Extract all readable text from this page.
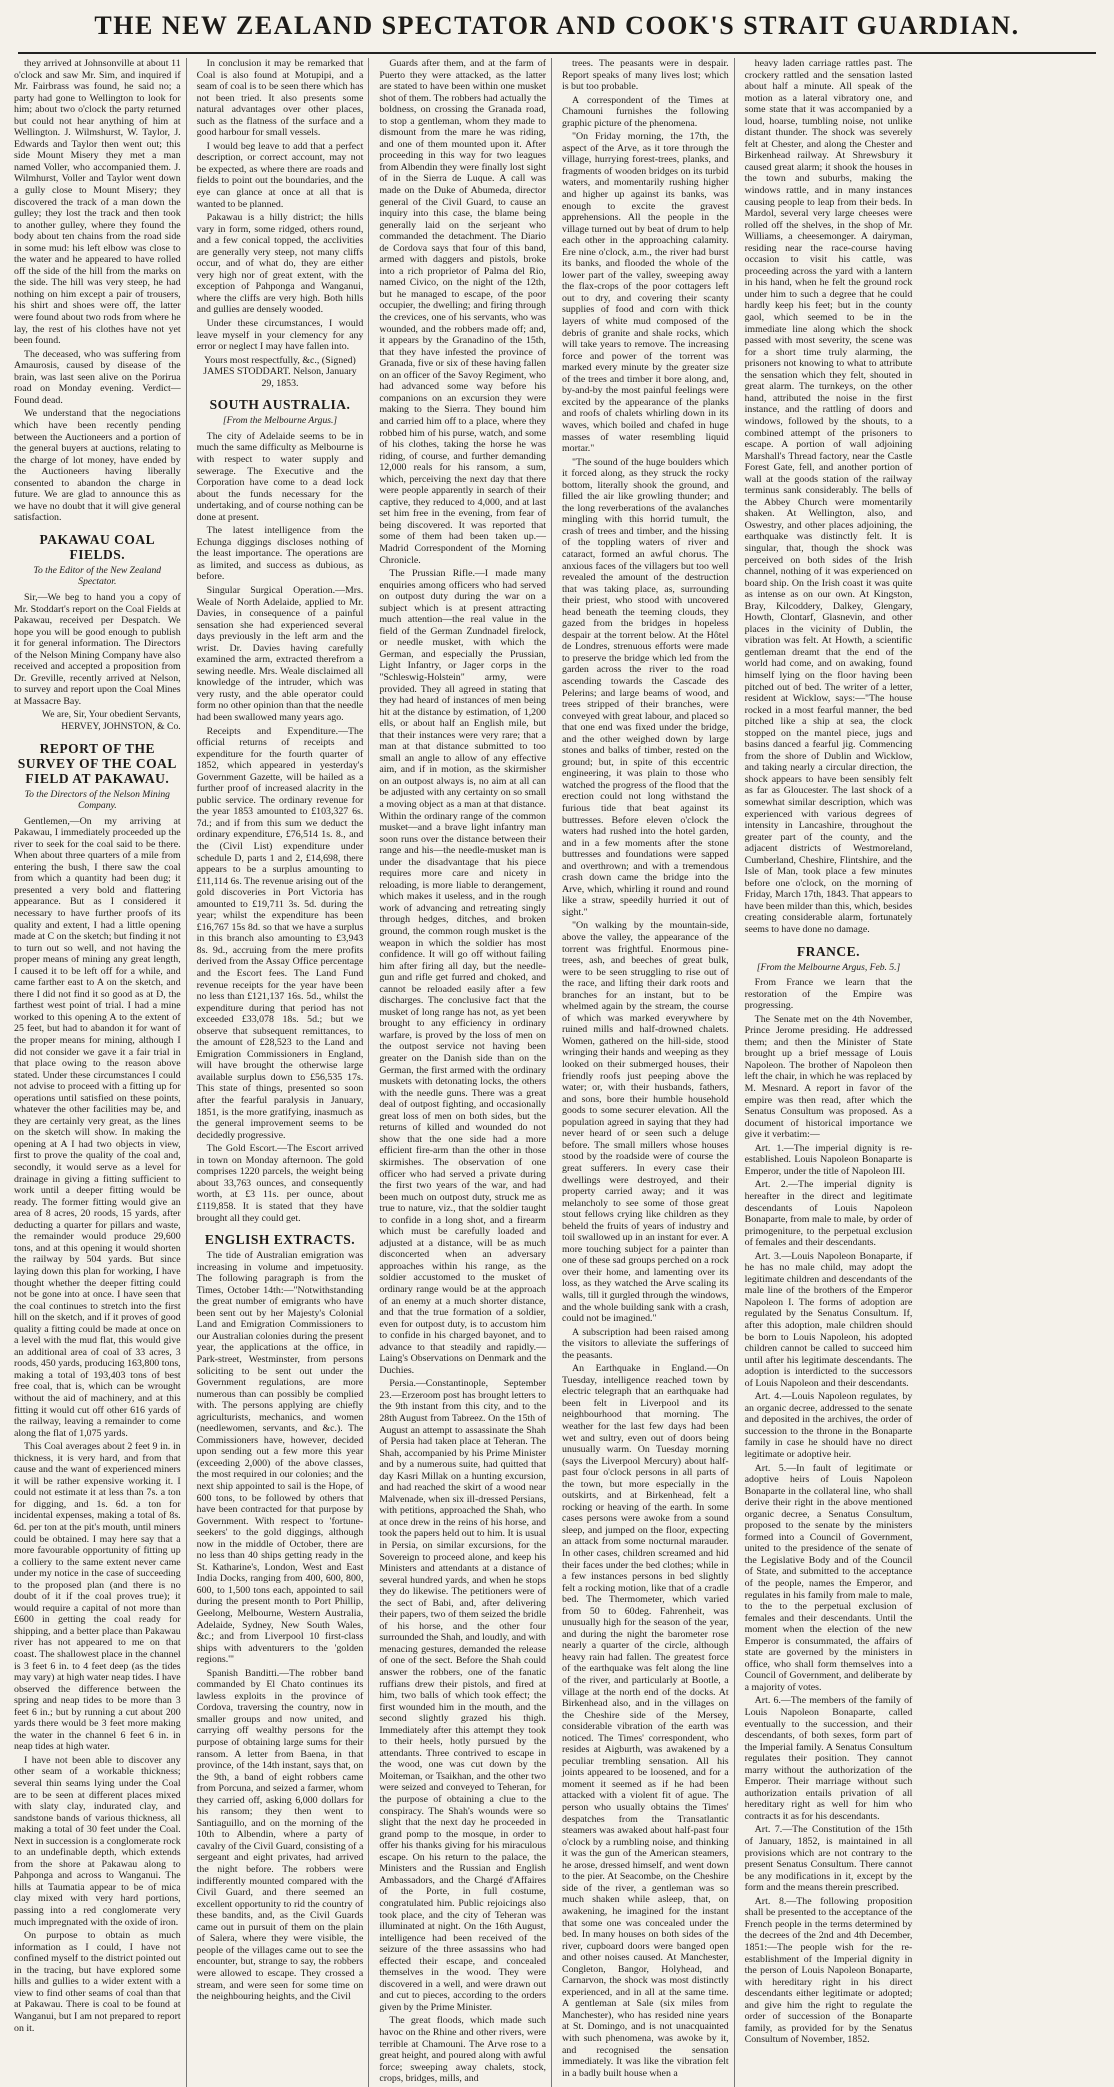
THE NEW ZEALAND SPECTATOR AND COOK'S STRAIT GUARDIAN.

they arrived at Johnsonville at about 11 o'clock and saw Mr. Sim, and inquired if Mr. Fairbrass was found, he said no; a party had gone to Wellington to look for him; about two o'clock the party returned but could not hear anything of him at Wellington. J. Wilmshurst, W. Taylor, J. Edwards and Taylor then went out; this side Mount Misery they met a man named Voller, who accompanied them. J. Wilmhurst, Voller and Taylor went down a gully close to Mount Misery; they discovered the track of a man down the gulley; they lost the track and then took to another gulley, where they found the body about ten chains from the road side in some mud: his left elbow was close to the water and he appeared to have rolled off the side of the hill from the marks on the side. The hill was very steep, he had nothing on him except a pair of trousers, his shirt and shoes were off, the latter were found about two rods from where he lay, the rest of his clothes have not yet been found.

The deceased, who was suffering from Amaurosis, caused by disease of the brain, was last seen alive on the Porirua road on Monday evening. Verdict—Found dead.

We understand that the negociations which have been recently pending between the Auctioneers and a portion of the general buyers at auctions, relating to the charge of lot money, have ended by the Auctioneers having liberally consented to abandon the charge in future. We are glad to announce this as we have no doubt that it will give general satisfaction.

PAKAWAU COAL FIELDS.

To the Editor of the New Zealand Spectator.

Sir,—We beg to hand you a copy of Mr. Stoddart's report on the Coal Fields at Pakawau, received per Despatch. We hope you will be good enough to publish it for general information. The Directors of the Nelson Mining Company have also received and accepted a proposition from Dr. Greville, recently arrived at Nelson, to survey and report upon the Coal Mines at Massacre Bay.

We are, Sir, Your obedient Servants, HERVEY, JOHNSTON, & Co.

REPORT OF THE SURVEY OF THE COAL FIELD AT PAKAWAU.

To the Directors of the Nelson Mining Company.

Gentlemen,—On my arriving at Pakawau, I immediately proceeded up the river to seek for the coal said to be there. When about three quarters of a mile from entering the bush, I there saw the coal from which a quantity had been dug; it presented a very bold and flattering appearance. But as I considered it necessary to have further proofs of its quality and extent, I had a little opening made at C on the sketch; but finding it not to turn out so well, and not having the proper means of mining any great length, I caused it to be left off for a while, and came farther east to A on the sketch, and there I did not find it so good as at D, the farthest west point of trial. I had a mine worked to this opening A to the extent of 25 feet, but had to abandon it for want of the proper means for mining, although I did not consider we gave it a fair trial in that place owing to the reason above stated. Under these circumstances I could not advise to proceed with a fitting up for operations until satisfied on these points, whatever the other facilities may be, and they are certainly very great, as the lines on the sketch will show. In making the opening at A I had two objects in view, first to prove the quality of the coal and, secondly, it would serve as a level for drainage in giving a fitting sufficient to work until a deeper fitting would be ready. The former fitting would give an area of 8 acres, 20 roods, 15 yards, after deducting a quarter for pillars and waste, the remainder would produce 29,600 tons, and at this opening it would shorten the railway by 504 yards. But since laying down this plan for working, I have thought whether the deeper fitting could not be gone into at once. I have seen that the coal continues to stretch into the first hill on the sketch, and if it proves of good quality a fitting could be made at once on a level with the mud flat, this would give an additional area of coal of 33 acres, 3 roods, 450 yards, producing 163,800 tons, making a total of 193,403 tons of best free coal, that is, which can be wrought without the aid of machinery, and at this fitting it would cut off other 616 yards of the railway, leaving a remainder to come along the flat of 1,075 yards.

This Coal averages about 2 feet 9 in. in thickness, it is very hard, and from that cause and the want of experienced miners it will be rather expensive working it. I could not estimate it at less than 7s. a ton for digging, and 1s. 6d. a ton for incidental expenses, making a total of 8s. 6d. per ton at the pit's mouth, until miners could be obtained. I may here say that a more favourable opportunity of fitting up a colliery to the same extent never came under my notice in the case of succeeding to the proposed plan (and there is no doubt of it if the coal proves true); it would require a capital of not more than £600 in getting the coal ready for shipping, and a better place than Pakawau river has not appeared to me on that coast. The shallowest place in the channel is 3 feet 6 in. to 4 feet deep (as the tides may vary) at high water neap tides. I have observed the difference between the spring and neap tides to be more than 3 feet 6 in.; but by running a cut about 200 yards there would be 3 feet more making the water in the channel 6 feet 6 in. in neap tides at high water.

I have not been able to discover any other seam of a workable thickness; several thin seams lying under the Coal are to be seen at different places mixed with slaty clay, indurated clay, and sandstone bands of various thickness, all making a total of 30 feet under the Coal. Next in succession is a conglomerate rock to an undefinable depth, which extends from the shore at Pakawau along to Pahponga and across to Wanganui. The hills at Taumatia appear to be of mica clay mixed with very hard portions, passing into a red conglomerate very much impregnated with the oxide of iron.

On purpose to obtain as much information as I could, I have not confined myself to the district pointed out in the tracing, but have explored some hills and gullies to a wider extent with a view to find other seams of coal than that at Pakawau. There is coal to be found at Wanganui, but I am not prepared to report on it.

In conclusion it may be remarked that Coal is also found at Motupipi, and a seam of coal is to be seen there which has not been tried. It also presents some natural advantages over other places, such as the flatness of the surface and a good harbour for small vessels.

I would beg leave to add that a perfect description, or correct account, may not be expected, as where there are roads and fields to point out the boundaries, and the eye can glance at once at all that is wanted to be planned.

Pakawau is a hilly district; the hills vary in form, some ridged, others round, and a few conical topped, the acclivities are generally very steep, not many cliffs occur, and of what do, they are either very high nor of great extent, with the exception of Pahponga and Wanganui, where the cliffs are very high. Both hills and gullies are densely wooded.

Under these circumstances, I would leave myself in your clemency for any error or neglect I may have fallen into.

Yours most respectfully, &c., (Signed) JAMES STODDART. Nelson, January 29, 1853.

SOUTH AUSTRALIA.

[From the Melbourne Argus.]

The city of Adelaide seems to be in much the same difficulty as Melbourne is with respect to water supply and sewerage. The Executive and the Corporation have come to a dead lock about the funds necessary for the undertaking, and of course nothing can be done at present.

The latest intelligence from the Echunga diggings discloses nothing of the least importance. The operations are as limited, and success as dubious, as before.

Singular Surgical Operation.—Mrs. Weale of North Adelaide, applied to Mr. Davies, in consequence of a painful sensation she had experienced several days previously in the left arm and the wrist. Dr. Davies having carefully examined the arm, extracted therefrom a sewing needle. Mrs. Weale disclaimed all knowledge of the intruder, which was very rusty, and the able operator could form no other opinion than that the needle had been swallowed many years ago.

Receipts and Expenditure.—The official returns of receipts and expenditure for the fourth quarter of 1852, which appeared in yesterday's Government Gazette, will be hailed as a further proof of increased alacrity in the public service. The ordinary revenue for the year 1853 amounted to £103,327 6s. 7d.; and if from this sum we deduct the ordinary expenditure, £76,514 1s. 8., and the (Civil List) expenditure under schedule D, parts 1 and 2, £14,698, there appears to be a surplus amounting to £11,114 6s. The revenue arising out of the gold discoveries in Port Victoria has amounted to £19,711 3s. 5d. during the year; whilst the expenditure has been £16,767 15s 8d. so that we have a surplus in this branch also amounting to £3,943 8s. 9d., accruing from the mere profits derived from the Assay Office percentage and the Escort fees. The Land Fund revenue receipts for the year have been no less than £121,137 16s. 5d., whilst the expenditure during that period has not exceeded £33,078 18s. 5d.; but we observe that subsequent remittances, to the amount of £28,523 to the Land and Emigration Commissioners in England, will have brought the otherwise large available surplus down to £56,535 17s. This state of things, presented so soon after the fearful paralysis in January, 1851, is the more gratifying, inasmuch as the general improvement seems to be decidedly progressive.

The Gold Escort.—The Escort arrived in town on Monday afternoon. The gold comprises 1220 parcels, the weight being about 33,763 ounces, and consequently worth, at £3 11s. per ounce, about £119,858. It is stated that they have brought all they could get.

ENGLISH EXTRACTS.

The tide of Australian emigration was increasing in volume and impetuosity. The following paragraph is from the Times, October 14th:—"Notwithstanding the great number of emigrants who have been sent out by her Majesty's Colonial Land and Emigration Commissioners to our Australian colonies during the present year, the applications at the office, in Park-street, Westminster, from persons soliciting to be sent out under the Government regulations, are more numerous than can possibly be complied with. The persons applying are chiefly agriculturists, mechanics, and women (needlewomen, servants, and &c.). The Commissioners have, however, decided upon sending out a few more this year (exceeding 2,000) of the above classes, the most required in our colonies; and the next ship appointed to sail is the Hope, of 600 tons, to be followed by others that have been contracted for that purpose by Government. With respect to 'fortune-seekers' to the gold diggings, although now in the middle of October, there are no less than 40 ships getting ready in the St. Katharine's, London, West and East India Docks, ranging from 400, 600, 800, 600, to 1,500 tons each, appointed to sail during the present month to Port Phillip, Geelong, Melbourne, Western Australia, Adelaide, Sydney, New South Wales, &c.; and from Liverpool 10 first-class ships with adventurers to the 'golden regions.'"

Spanish Banditti.—The robber band commanded by El Chato continues its lawless exploits in the province of Cordova, traversing the country, now in smaller groups and now united, and carrying off wealthy persons for the purpose of obtaining large sums for their ransom. A letter from Baena, in that province, of the 14th instant, says that, on the 9th, a band of eight robbers came from Porcuna, and seized a farmer, whom they carried off, asking 6,000 dollars for his ransom; they then went to Santiaguillo, and on the morning of the 10th to Albendin, where a party of cavalry of the Civil Guard, consisting of a sergeant and eight privates, had arrived the night before. The robbers were indifferently mounted compared with the Civil Guard, and there seemed an excellent opportunity to rid the country of these bandits, and, as the Civil Guards came out in pursuit of them on the plain of Salera, where they were visible, the people of the villages came out to see the encounter, but, strange to say, the robbers were allowed to escape. They crossed a stream, and were seen for some time on the neighbouring heights, and the Civil

Guards after them, and at the farm of Puerto they were attacked, as the latter are stated to have been within one musket shot of them. The robbers had actually the boldness, on crossing the Granada road, to stop a gentleman, whom they made to dismount from the mare he was riding, and one of them mounted upon it. After proceeding in this way for two leagues from Albendin they were finally lost sight of in the Sierra de Luque. A call was made on the Duke of Abumeda, director general of the Civil Guard, to cause an inquiry into this case, the blame being generally laid on the serjeant who commanded the detachment. The Diario de Cordova says that four of this band, armed with daggers and pistols, broke into a rich proprietor of Palma del Rio, named Civico, on the night of the 12th, but he managed to escape, of the poor occupier, the dwelling; and firing through the crevices, one of his servants, who was wounded, and the robbers made off; and, it appears by the Granadino of the 15th, that they have infested the province of Granada, five or six of these having fallen on an officer of the Savoy Regiment, who had advanced some way before his companions on an excursion they were making to the Sierra. They bound him and carried him off to a place, where they robbed him of his purse, watch, and some of his clothes, taking the horse he was riding, of course, and further demanding 12,000 reals for his ransom, a sum, which, perceiving the next day that there were people apparently in search of their captive, they reduced to 4,000, and at last set him free in the evening, from fear of being discovered. It was reported that some of them had been taken up.—Madrid Correspondent of the Morning Chronicle.

The Prussian Rifle.—I made many enquiries among officers who had served on outpost duty during the war on a subject which is at present attracting much attention—the real value in the field of the German Zundnadel firelock, or needle musket, with which the German, and especially the Prussian, Light Infantry, or Jager corps in the "Schleswig-Holstein" army, were provided. They all agreed in stating that they had heard of instances of men being hit at the distance by estimation, of 1,200 ells, or about half an English mile, but that their instances were very rare; that a man at that distance submitted to too small an angle to allow of any effective aim, and if in motion, as the skirmisher on an outpost always is, no aim at all can be adjusted with any certainty on so small a moving object as a man at that distance. Within the ordinary range of the common musket—and a brave light infantry man soon runs over the distance between their range and his—the needle-musket man is under the disadvantage that his piece requires more care and nicety in reloading, is more liable to derangement, which makes it useless, and in the rough work of advancing and retreating singly through hedges, ditches, and broken ground, the common rough musket is the weapon in which the soldier has most confidence. It will go off without failing him after firing all day, but the needle-gun and rifle get furred and choked, and cannot be reloaded easily after a few discharges. The conclusive fact that the musket of long range has not, as yet been brought to any efficiency in ordinary warfare, is proved by the loss of men on the outpost service not having been greater on the Danish side than on the German, the first armed with the ordinary muskets with detonating locks, the others with the needle guns. There was a great deal of outpost fighting, and occasionally great loss of men on both sides, but the returns of killed and wounded do not show that the one side had a more efficient fire-arm than the other in those skirmishes. The observation of one officer who had served a private during the first two years of the war, and had been much on outpost duty, struck me as true to nature, viz., that the soldier taught to confide in a long shot, and a firearm which must be carefully loaded and adjusted at a distance, will be as much disconcerted when an adversary approaches within his range, as the soldier accustomed to the musket of ordinary range would be at the approach of an enemy at a much shorter distance, and that the true formation of a soldier, even for outpost duty, is to accustom him to confide in his charged bayonet, and to advance to that steadily and rapidly.—Laing's Observations on Denmark and the Duchies.

Persia.—Constantinople, September 23.—Erzeroom post has brought letters to the 9th instant from this city, and to the 28th August from Tabreez. On the 15th of August an attempt to assassinate the Shah of Persia had taken place at Teheran. The Shah, accompanied by his Prime Minister and by a numerous suite, had quitted that day Kasri Millak on a hunting excursion, and had reached the skirt of a wood near Malvenade, when six ill-dressed Persians, with petitions, approached the Shah, who at once drew in the reins of his horse, and took the papers held out to him. It is usual in Persia, on similar excursions, for the Sovereign to proceed alone, and keep his Ministers and attendants at a distance of several hundred yards, and when he stops they do likewise. The petitioners were of the sect of Babi, and, after delivering their papers, two of them seized the bridle of his horse, and the other four surrounded the Shah, and loudly, and with menacing gestures, demanded the release of one of the sect. Before the Shah could answer the robbers, one of the fanatic ruffians drew their pistols, and fired at him, two balls of which took effect; the first wounded him in the mouth, and the second slightly grazed his thigh. Immediately after this attempt they took to their heels, hotly pursued by the attendants. Three contrived to escape in the wood, one was cut down by the Moiteman, or Tsaikhan, and the other two were seized and conveyed to Teheran, for the purpose of obtaining a clue to the conspiracy. The Shah's wounds were so slight that the next day he proceeded in grand pomp to the mosque, in order to offer his thanks giving for his miraculous escape. On his return to the palace, the Ministers and the Russian and English Ambassadors, and the Chargé d'Affaires of the Porte, in full costume, congratulated him. Public rejoicings also took place, and the city of Teheran was illuminated at night. On the 16th August, intelligence had been received of the seizure of the three assassins who had effected their escape, and concealed themselves in the wood. They were discovered in a well, and were drawn out and cut to pieces, according to the orders given by the Prime Minister.

The great floods, which made such havoc on the Rhine and other rivers, were terrible at Chamouni. The Arve rose to a great height, and poured along with awful force; sweeping away chalets, stock, crops, bridges, mills, and

trees. The peasants were in despair. Report speaks of many lives lost; which is but too probable.

A correspondent of the Times at Chamouni furnishes the following graphic picture of the phenomena.

"On Friday morning, the 17th, the aspect of the Arve, as it tore through the village, hurrying forest-trees, planks, and fragments of wooden bridges on its turbid waters, and momentarily rushing higher and higher up against its banks, was enough to excite the gravest apprehensions. All the people in the village turned out by beat of drum to help each other in the approaching calamity. Ere nine o'clock, a.m., the river had burst its banks, and flooded the whole of the lower part of the valley, sweeping away the flax-crops of the poor cottagers left out to dry, and covering their scanty supplies of food and corn with thick layers of white mud composed of the debris of granite and shale rocks, which will take years to remove. The increasing force and power of the torrent was marked every minute by the greater size of the trees and timber it bore along, and, by-and-by the most painful feelings were excited by the appearance of the planks and roofs of chalets whirling down in its waves, which boiled and chafed in huge masses of water resembling liquid mortar."

"The sound of the huge boulders which it forced along, as they struck the rocky bottom, literally shook the ground, and filled the air like growling thunder; and the long reverberations of the avalanches mingling with this horrid tumult, the crash of trees and timber, and the hissing of the toppling waters of river and cataract, formed an awful chorus. The anxious faces of the villagers but too well revealed the amount of the destruction that was taking place, as, surrounding their priest, who stood with uncovered head beneath the teeming clouds, they gazed from the bridges in hopeless despair at the torrent below. At the Hôtel de Londres, strenuous efforts were made to preserve the bridge which led from the garden across the river to the road ascending towards the Cascade des Pelerins; and large beams of wood, and trees stripped of their branches, were conveyed with great labour, and placed so that one end was fixed under the bridge, and the other weighed down by large stones and balks of timber, rested on the ground; but, in spite of this eccentric engineering, it was plain to those who watched the progress of the flood that the erection could not long withstand the furious tide that beat against its buttresses. Before eleven o'clock the waters had rushed into the hotel garden, and in a few moments after the stone buttresses and foundations were sapped and overthrown; and with a tremendous crash down came the bridge into the Arve, which, whirling it round and round like a straw, speedily hurried it out of sight."

"On walking by the mountain-side, above the valley, the appearance of the torrent was frightful. Enormous pine-trees, ash, and beeches of great bulk, were to be seen struggling to rise out of the race, and lifting their dark roots and branches for an instant, but to be whelmed again by the stream, the course of which was marked everywhere by ruined mills and half-drowned chalets. Women, gathered on the hill-side, stood wringing their hands and weeping as they looked on their submerged houses, their friendly roofs just peeping above the water; or, with their husbands, fathers, and sons, bore their humble household goods to some securer elevation. All the population agreed in saying that they had never heard of or seen such a deluge before. The small millers whose houses stood by the roadside were of course the great sufferers. In every case their dwellings were destroyed, and their property carried away; and it was melancholy to see some of those great stout fellows crying like children as they beheld the fruits of years of industry and toil swallowed up in an instant for ever. A more touching subject for a painter than one of these sad groups perched on a rock over their home, and lamenting over its loss, as they watched the Arve scaling its walls, till it gurgled through the windows, and the whole building sank with a crash, could not be imagined."

A subscription had been raised among the visitors to alleviate the sufferings of the peasants.

An Earthquake in England.—On Tuesday, intelligence reached town by electric telegraph that an earthquake had been felt in Liverpool and its neighbourhood that morning. The weather for the last few days had been wet and sultry, even out of doors being unusually warm. On Tuesday morning (says the Liverpool Mercury) about half-past four o'clock persons in all parts of the town, but more especially in the outskirts, and at Birkenhead, felt a rocking or heaving of the earth. In some cases persons were awoke from a sound sleep, and jumped on the floor, expecting an attack from some nocturnal marauder. In other cases, children screamed and hid their faces under the bed clothes; while in a few instances persons in bed slightly felt a rocking motion, like that of a cradle bed. The Thermometer, which varied from 50 to 60deg. Fahrenheit, was unusually high for the season of the year, and during the night the barometer rose nearly a quarter of the circle, although heavy rain had fallen. The greatest force of the earthquake was felt along the line of the river, and particularly at Bootle, a village at the north end of the docks. At Birkenhead also, and in the villages on the Cheshire side of the Mersey, considerable vibration of the earth was noticed. The Times' correspondent, who resides at Aigburth, was awakened by a peculiar trembling sensation. All his joints appeared to be loosened, and for a moment it seemed as if he had been attacked with a violent fit of ague. The person who usually obtains the Times' despatches from the Transatlantic steamers was awaked about half-past four o'clock by a rumbling noise, and thinking it was the gun of the American steamers, he arose, dressed himself, and went down to the pier. At Seacombe, on the Cheshire side of the river, a gentleman was so much shaken while asleep, that, on awakening, he imagined for the instant that some one was concealed under the bed. In many houses on both sides of the river, cupboard doors were banged open and other noises caused. At Manchester, Congleton, Bangor, Holyhead, and Carnarvon, the shock was most distinctly experienced, and in all at the same time. A gentleman at Sale (six miles from Manchester), who has resided nine years at St. Domingo, and is not unacquainted with such phenomena, was awoke by it, and recognised the sensation immediately. It was like the vibration felt in a badly built house when a

heavy laden carriage rattles past. The crockery rattled and the sensation lasted about half a minute. All speak of the motion as a lateral vibratory one, and some state that it was accompanied by a loud, hoarse, tumbling noise, not unlike distant thunder. The shock was severely felt at Chester, and along the Chester and Birkenhead railway. At Shrewsbury it caused great alarm; it shook the houses in the town and suburbs, making the windows rattle, and in many instances causing people to leap from their beds. In Mardol, several very large cheeses were rolled off the shelves, in the shop of Mr. Williams, a cheesemonger. A dairyman, residing near the race-course having occasion to visit his cattle, was proceeding across the yard with a lantern in his hand, when he felt the ground rock under him to such a degree that he could hardly keep his feet; but in the county gaol, which seemed to be in the immediate line along which the shock passed with most severity, the scene was for a short time truly alarming, the prisoners not knowing to what to attribute the sensation which they felt, shouted in great alarm. The turnkeys, on the other hand, attributed the noise in the first instance, and the rattling of doors and windows, followed by the shouts, to a combined attempt of the prisoners to escape. A portion of wall adjoining Marshall's Thread factory, near the Castle Forest Gate, fell, and another portion of wall at the goods station of the railway terminus sank considerably. The bells of the Abbey Church were momentarily shaken. At Wellington, also, and Oswestry, and other places adjoining, the earthquake was distinctly felt. It is singular, that, though the shock was perceived on both sides of the Irish channel, nothing of it was experienced on board ship. On the Irish coast it was quite as intense as on our own. At Kingston, Bray, Kilcoddery, Dalkey, Glengary, Howth, Clontarf, Glasnevin, and other places in the vicinity of Dublin, the vibration was felt. At Howth, a scientific gentleman dreamt that the end of the world had come, and on awaking, found himself lying on the floor having been pitched out of bed. The writer of a letter, resident at Wicklow, says:—"The house rocked in a most fearful manner, the bed pitched like a ship at sea, the clock stopped on the mantel piece, jugs and basins danced a fearful jig. Commencing from the shore of Dublin and Wicklow, and taking nearly a circular direction, the shock appears to have been sensibly felt as far as Gloucester. The last shock of a somewhat similar description, which was experienced with various degrees of intensity in Lancashire, throughout the greater part of the county, and the adjacent districts of Westmoreland, Cumberland, Cheshire, Flintshire, and the Isle of Man, took place a few minutes before one o'clock, on the morning of Friday, March 17th, 1843. That appears to have been milder than this, which, besides creating considerable alarm, fortunately seems to have done no damage.

FRANCE.

[From the Melbourne Argus, Feb. 5.]

From France we learn that the restoration of the Empire was progressing.

The Senate met on the 4th November, Prince Jerome presiding. He addressed them; and then the Minister of State brought up a brief message of Louis Napoleon. The brother of Napoleon then left the chair, in which he was replaced by M. Mesnard. A report in favor of the empire was then read, after which the Senatus Consultum was proposed. As a document of historical importance we give it verbatim:—

Art. 1.—The imperial dignity is re-established. Louis Napoleon Bonaparte is Emperor, under the title of Napoleon III.

Art. 2.—The imperial dignity is hereafter in the direct and legitimate descendants of Louis Napoleon Bonaparte, from male to male, by order of primogeniture, to the perpetual exclusion of females and their descendants.

Art. 3.—Louis Napoleon Bonaparte, if he has no male child, may adopt the legitimate children and descendants of the male line of the brothers of the Emperor Napoleon I. The forms of adoption are regulated by the Senatus Consultum. If, after this adoption, male children should be born to Louis Napoleon, his adopted children cannot be called to succeed him until after his legitimate descendants. The adoption is interdicted to the successors of Louis Napoleon and their descendants.

Art. 4.—Louis Napoleon regulates, by an organic decree, addressed to the senate and deposited in the archives, the order of succession to the throne in the Bonaparte family in case he should have no direct legitimate or adoptive heir.

Art. 5.—In fault of legitimate or adoptive heirs of Louis Napoleon Bonaparte in the collateral line, who shall derive their right in the above mentioned organic decree, a Senatus Consultum, proposed to the senate by the ministers formed into a Council of Government, united to the presidence of the senate of the Legislative Body and of the Council of State, and submitted to the acceptance of the people, names the Emperor, and regulates in his family from male to male, to the to the perpetual exclusion of females and their descendants. Until the moment when the election of the new Emperor is consummated, the affairs of state are governed by the ministers in office, who shall form themselves into a Council of Government, and deliberate by a majority of votes.

Art. 6.—The members of the family of Louis Napoleon Bonaparte, called eventually to the succession, and their descendants, of both sexes, form part of the Imperial family. A Senatus Consultum regulates their position. They cannot marry without the authorization of the Emperor. Their marriage without such authorization entails privation of all hereditary right as well for him who contracts it as for his descendants.

Art. 7.—The Constitution of the 15th of January, 1852, is maintained in all provisions which are not contrary to the present Senatus Consultum. There cannot be any modifications in it, except by the form and the means therein prescribed.

Art. 8.—The following proposition shall be presented to the acceptance of the French people in the terms determined by the decrees of the 2nd and 4th December, 1851:—The people wish for the re-establishment of the Imperial dignity in the person of Louis Napoleon Bonaparte, with hereditary right in his direct descendants either legitimate or adopted; and give him the right to regulate the order of succession of the Bonaparte family, as provided for by the Senatus Consultum of November, 1852.
